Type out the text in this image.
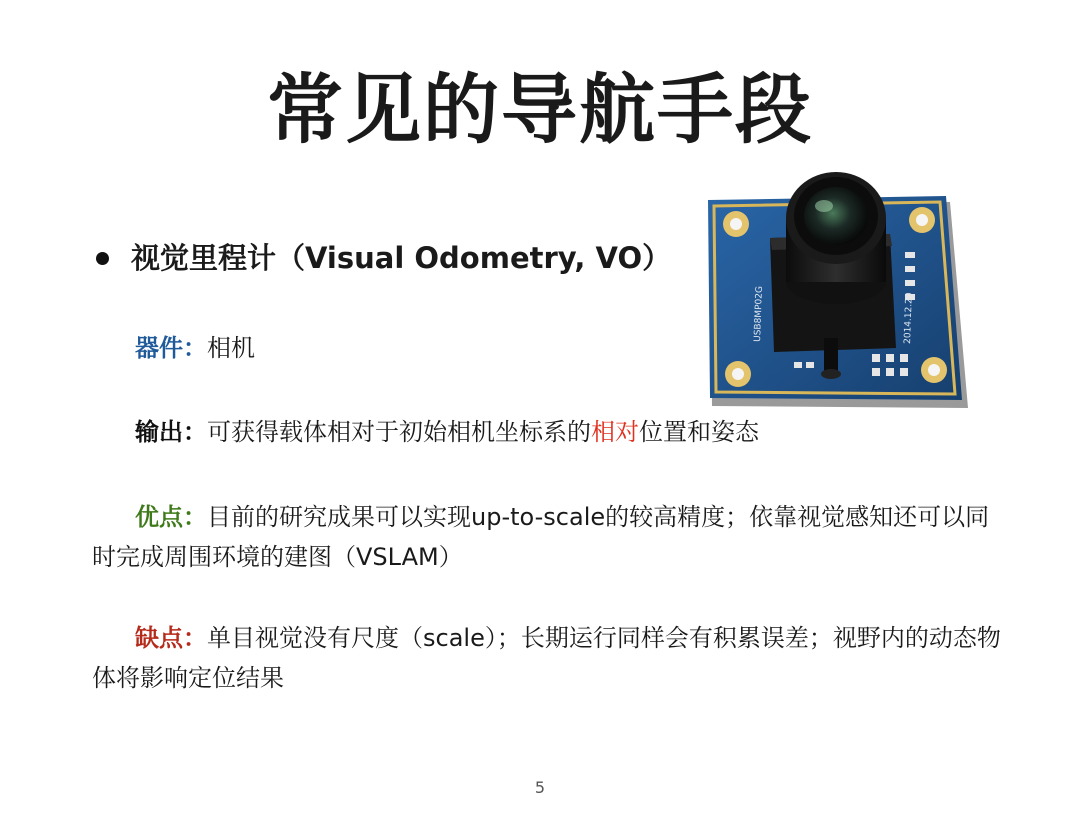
常见的导航手段
视觉里程计（Visual Odometry, VO）
器件：相机
输出：可获得载体相对于初始相机坐标系的相对位置和姿态
优点：目前的研究成果可以实现up-to-scale的较高精度；依靠视觉感知还可以同时完成周围环境的建图（VSLAM）
缺点：单目视觉没有尺度（scale）；长期运行同样会有积累误差；视野内的动态物体将影响定位结果
USB8MP02G	2014.12.20
5
